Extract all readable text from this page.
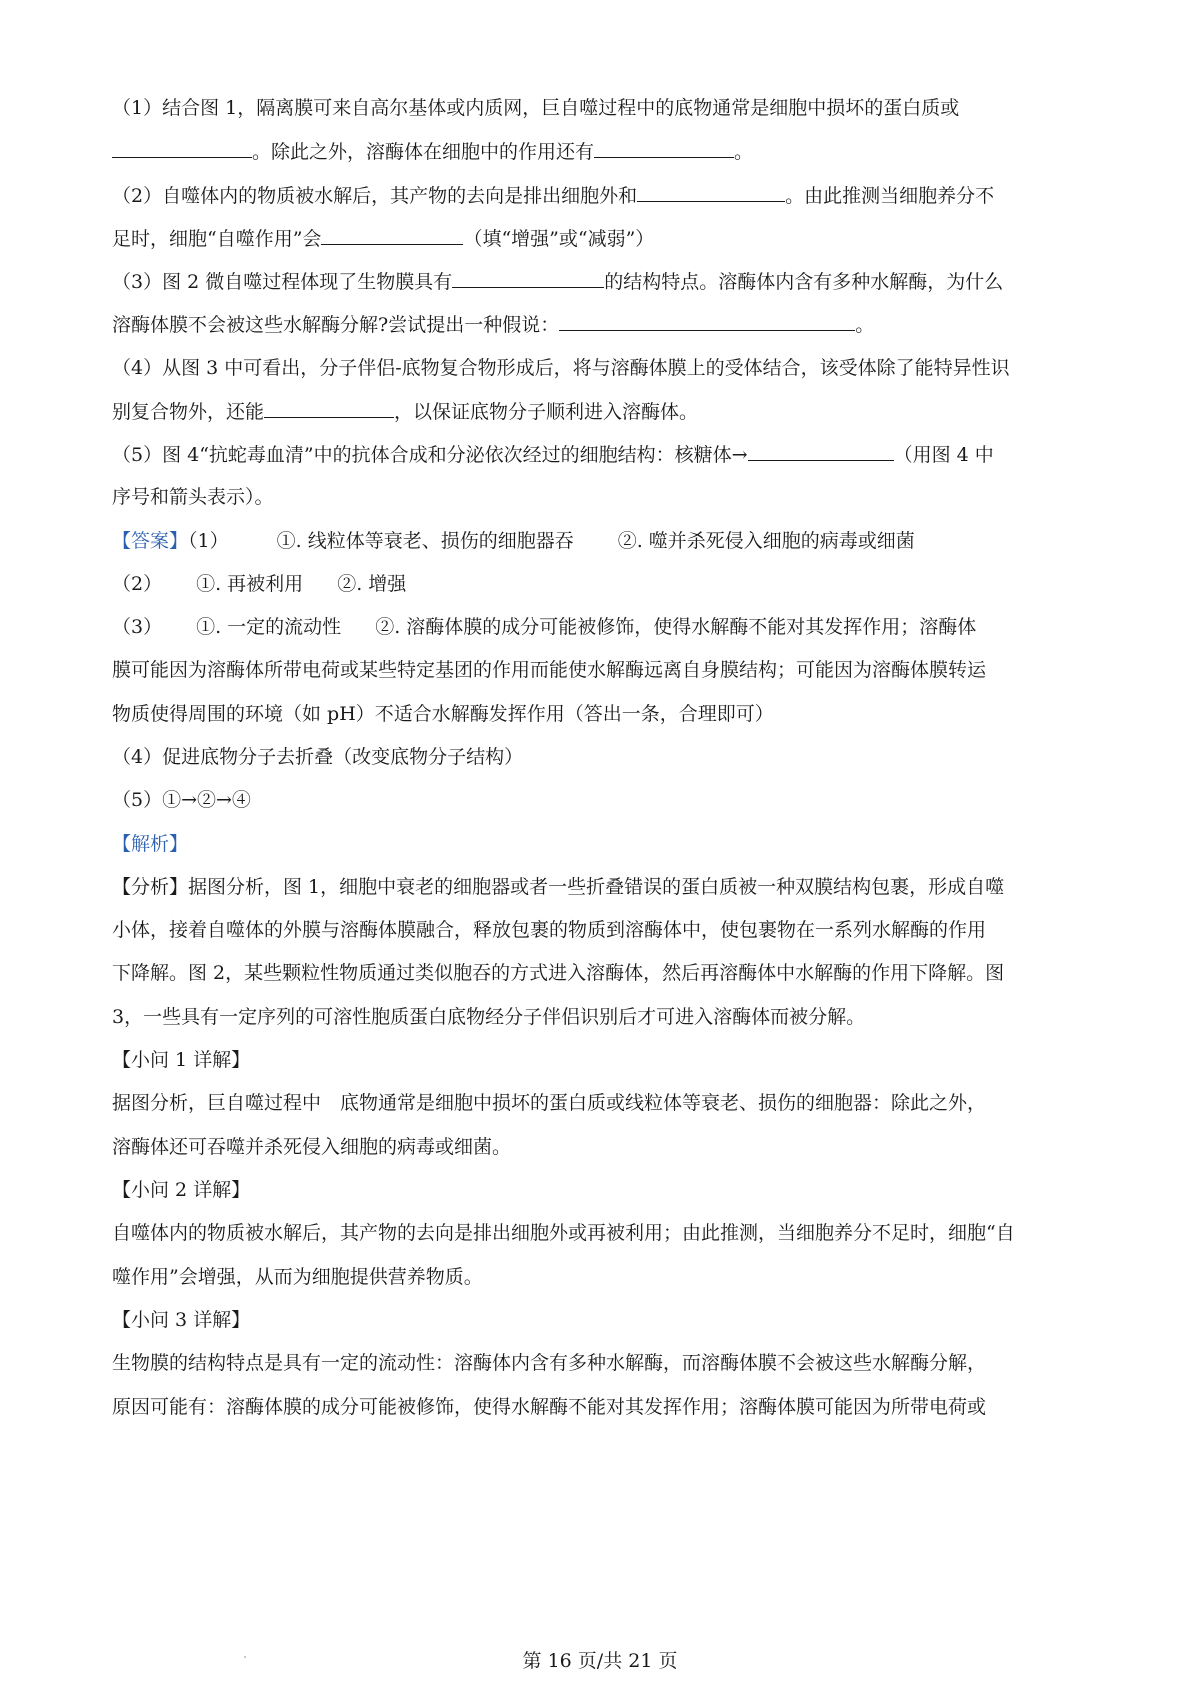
（1）结合图 1，隔离膜可来自高尔基体或内质网，巨自噬过程中的底物通常是细胞中损坏的蛋白质或
。除此之外，溶酶体在细胞中的作用还有	。
（2）自噬体内的物质被水解后，其产物的去向是排出细胞外和	。由此推测当细胞养分不
足时，细胞“自噬作用”会	（填“增强”或“减弱”）
（3）图 2 微自噬过程体现了生物膜具有	的结构特点。溶酶体内含有多种水解酶，为什么
溶酶体膜不会被这些水解酶分解?尝试提出一种假说：	。
（4）从图 3 中可看出，分子伴侣-底物复合物形成后，将与溶酶体膜上的受体结合，该受体除了能特异性识
别复合物外，还能	，以保证底物分子顺利进入溶酶体。
（5）图 4“抗蛇毒血清”中的抗体合成和分泌依次经过的细胞结构：核糖体→	（用图 4 中
序号和箭头表示）。
【答案】（1）	①. 线粒体等衰老、损伤的细胞器吞 ②. 噬并杀死侵入细胞的病毒或细菌
（2） ①. 再被利用 ②. 增强
（3） ①. 一定的流动性 ②. 溶酶体膜的成分可能被修饰，使得水解酶不能对其发挥作用；溶酶体
膜可能因为溶酶体所带电荷或某些特定基团的作用而能使水解酶远离自身膜结构；可能因为溶酶体膜转运
物质使得周围的环境（如 pH）不适合水解酶发挥作用（答出一条，合理即可）
（4）促进底物分子去折叠（改变底物分子结构）
（5）①→②→④
【解析】
【分析】据图分析，图 1，细胞中衰老的细胞器或者一些折叠错误的蛋白质被一种双膜结构包裹，形成自噬
小体，接着自噬体的外膜与溶酶体膜融合，释放包裹的物质到溶酶体中，使包裹物在一系列水解酶的作用
下降解。图 2，某些颗粒性物质通过类似胞吞的方式进入溶酶体，然后再溶酶体中水解酶的作用下降解。图
3，一些具有一定序列的可溶性胞质蛋白底物经分子伴侣识别后才可进入溶酶体而被分解。
【小问 1 详解】
据图分析，巨自噬过程中　底物通常是细胞中损坏的蛋白质或线粒体等衰老、损伤的细胞器：除此之外，
溶酶体还可吞噬并杀死侵入细胞的病毒或细菌。
【小问 2 详解】
自噬体内的物质被水解后，其产物的去向是排出细胞外或再被利用；由此推测，当细胞养分不足时，细胞“自
噬作用”会增强，从而为细胞提供营养物质。
【小问 3 详解】
生物膜的结构特点是具有一定的流动性：溶酶体内含有多种水解酶，而溶酶体膜不会被这些水解酶分解，
原因可能有：溶酶体膜的成分可能被修饰，使得水解酶不能对其发挥作用；溶酶体膜可能因为所带电荷或
第 16 页/共 21 页
